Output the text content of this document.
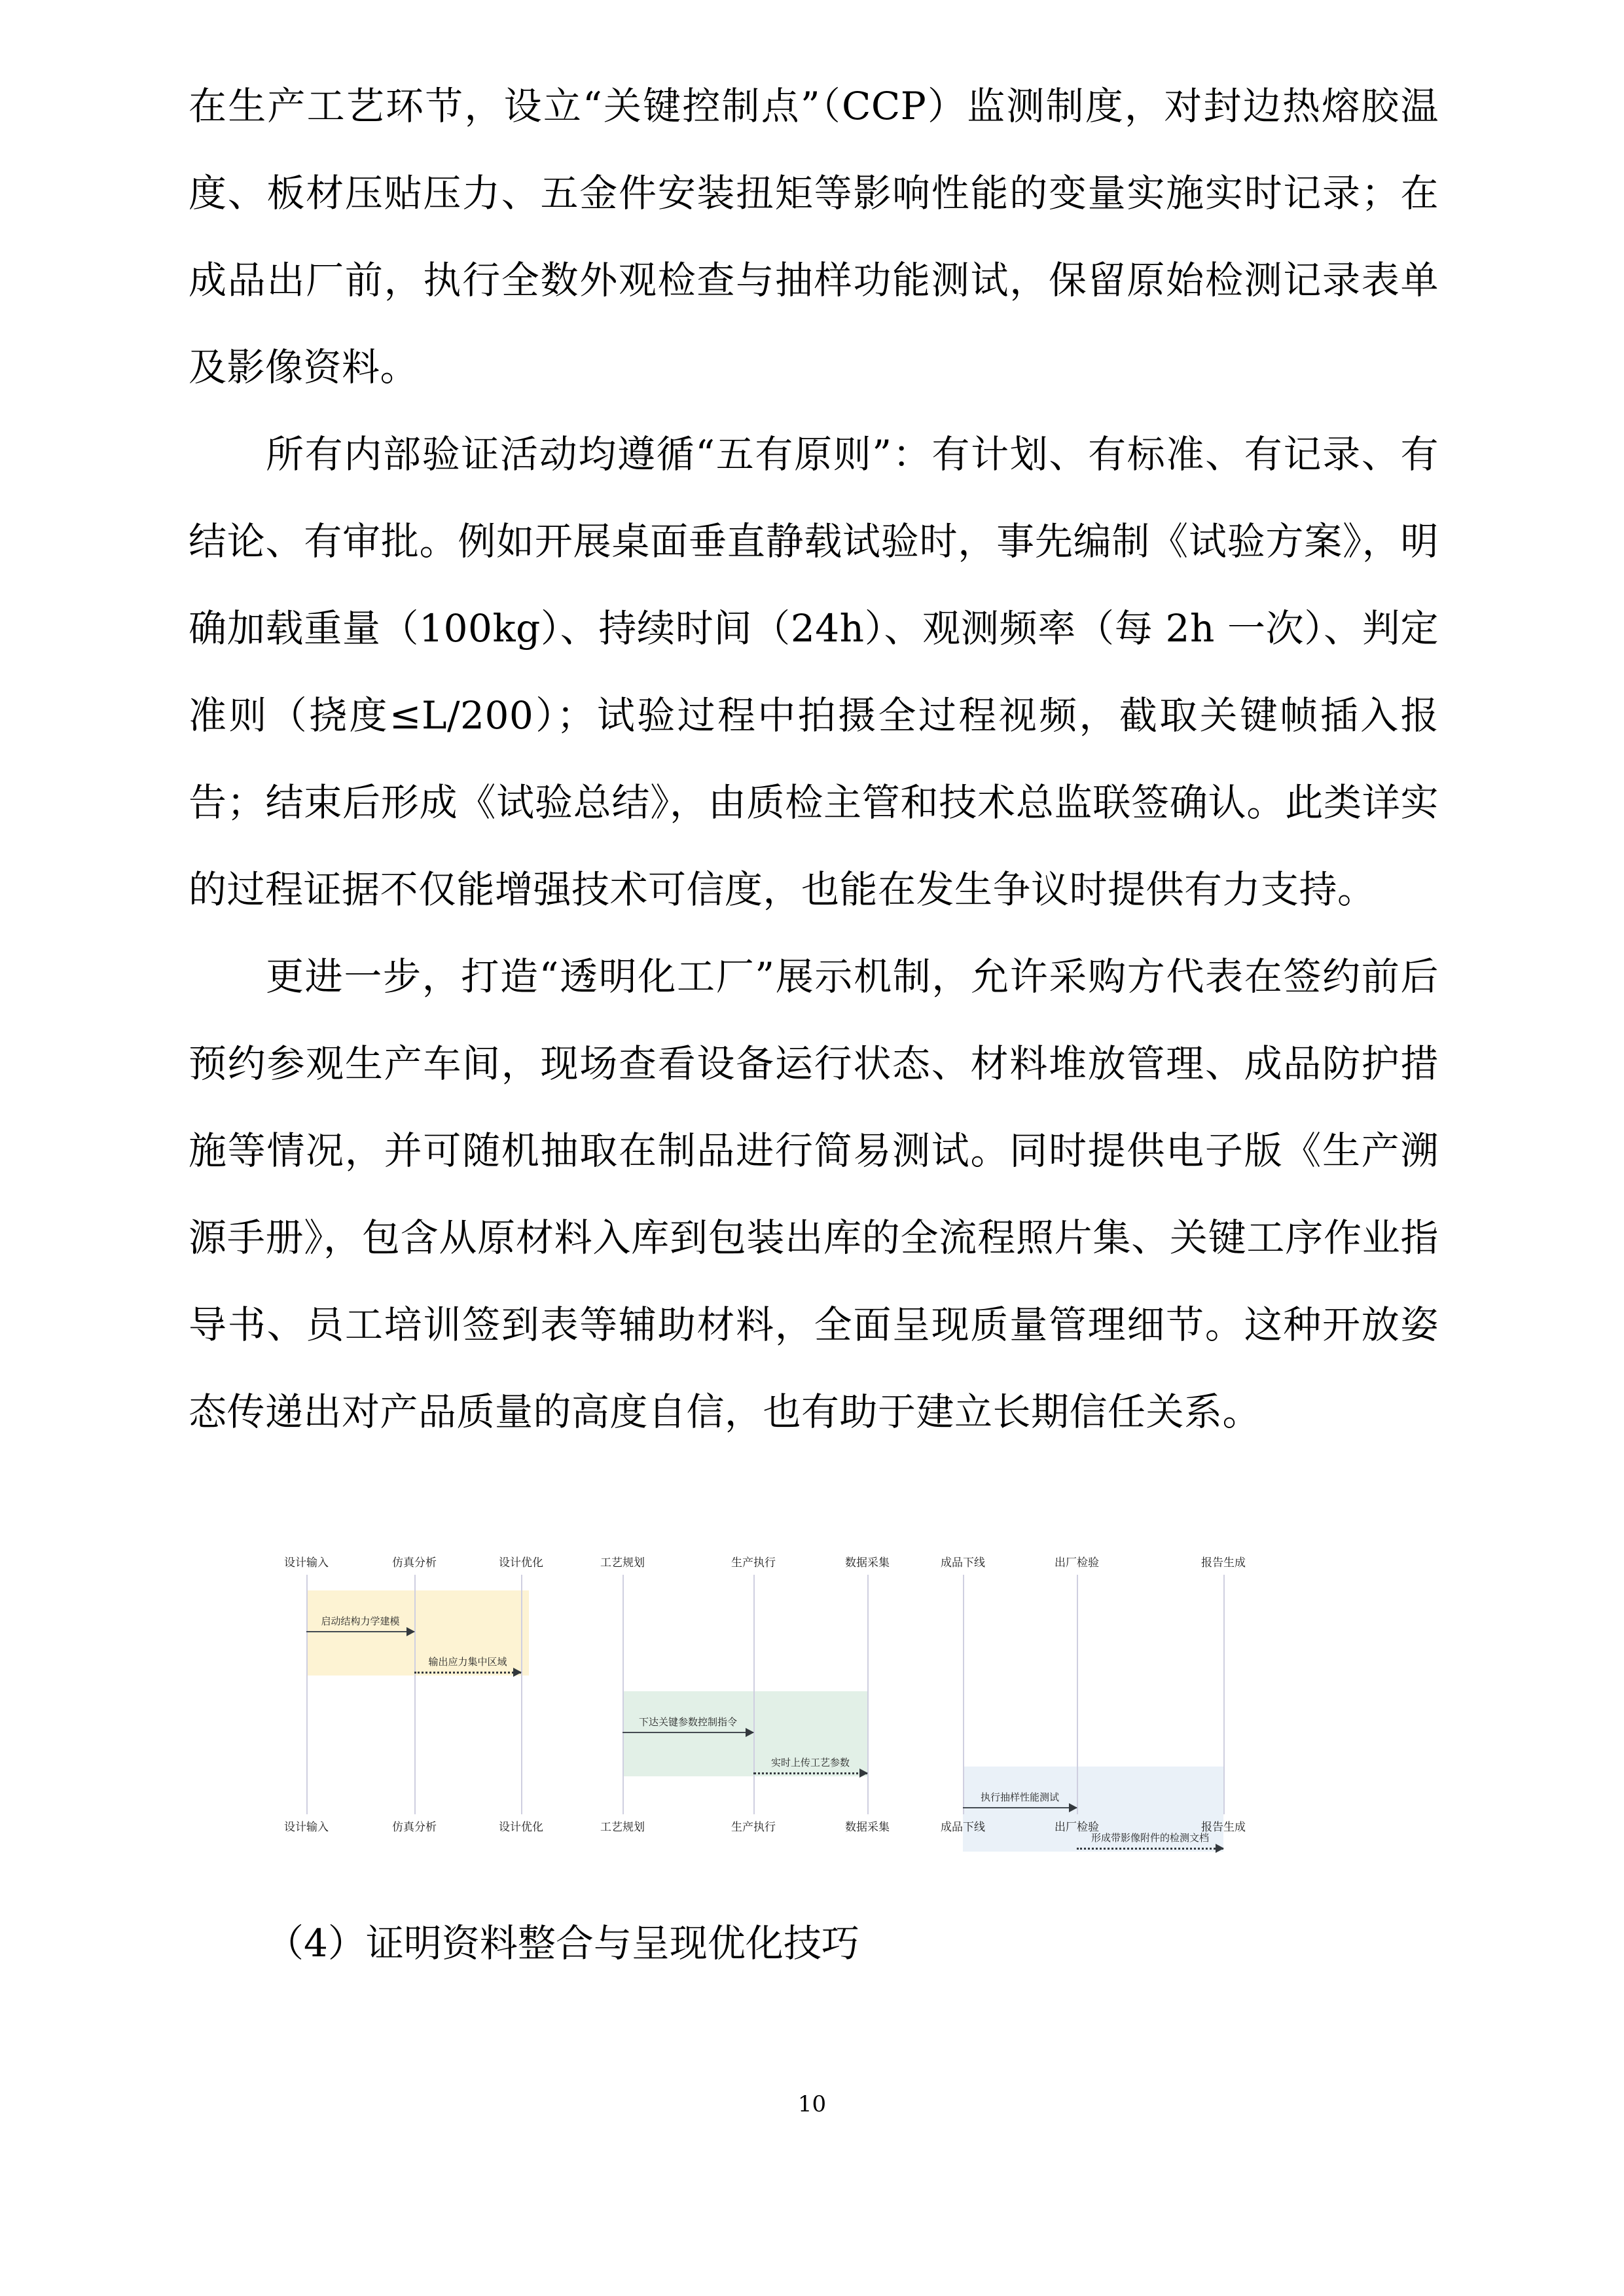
在生产工艺环节，设立“关键控制点”（CCP）监测制度，对封边热熔胶温度、板材压贴压力、五金件安装扭矩等影响性能的变量实施实时记录；在成品出厂前，执行全数外观检查与抽样功能测试，保留原始检测记录表单及影像资料。

所有内部验证活动均遵循“五有原则”：有计划、有标准、有记录、有结论、有审批。例如开展桌面垂直静载试验时，事先编制《试验方案》，明确加载重量（100kg）、持续时间（24h）、观测频率（每 2h 一次）、判定准则（挠度≤L/200）；试验过程中拍摄全过程视频，截取关键帧插入报告；结束后形成《试验总结》，由质检主管和技术总监联签确认。此类详实的过程证据不仅能增强技术可信度，也能在发生争议时提供有力支持。

更进一步，打造“透明化工厂”展示机制，允许采购方代表在签约前后预约参观生产车间，现场查看设备运行状态、材料堆放管理、成品防护措施等情况，并可随机抽取在制品进行简易测试。同时提供电子版《生产溯源手册》，包含从原材料入库到包装出库的全流程照片集、关键工序作业指导书、员工培训签到表等辅助材料，全面呈现质量管理细节。这种开放姿态传递出对产品质量的高度自信，也有助于建立长期信任关系。

设计输入	仿真分析	设计优化	工艺规划	生产执行	数据采集	成品下线	出厂检验	报告生成
启动结构力学建模
输出应力集中区域
下达关键参数控制指令
实时上传工艺参数
执行抽样性能测试
形成带影像附件的检测文档
设计输入	仿真分析	设计优化	工艺规划	生产执行	数据采集	成品下线	出厂检验	报告生成
（4）证明资料整合与呈现优化技巧
10
